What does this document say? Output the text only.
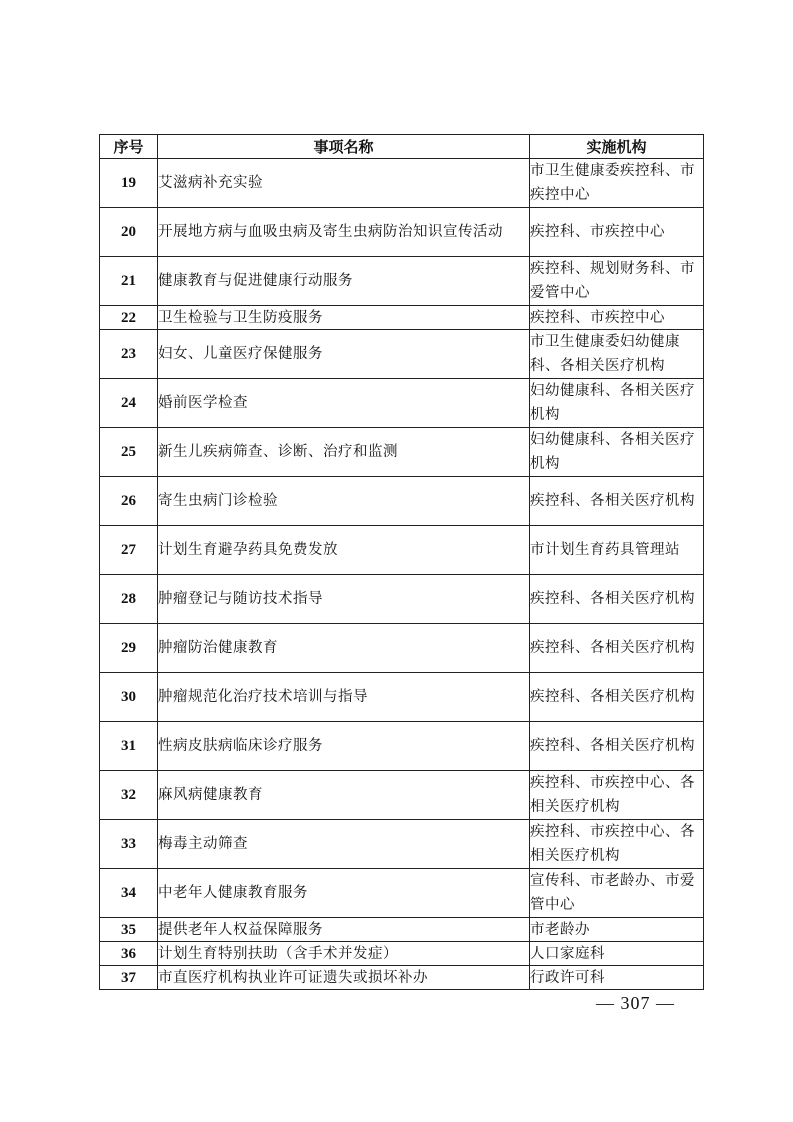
序号	事项名称	实施机构
19	艾滋病补充实验	市卫生健康委疾控科、市疾控中心
20	开展地方病与血吸虫病及寄生虫病防治知识宣传活动	疾控科、市疾控中心
21	健康教育与促进健康行动服务	疾控科、规划财务科、市爱管中心
22	卫生检验与卫生防疫服务	疾控科、市疾控中心
23	妇女、儿童医疗保健服务	市卫生健康委妇幼健康科、各相关医疗机构
24	婚前医学检查	妇幼健康科、各相关医疗机构
25	新生儿疾病筛查、诊断、治疗和监测	妇幼健康科、各相关医疗机构
26	寄生虫病门诊检验	疾控科、各相关医疗机构
27	计划生育避孕药具免费发放	市计划生育药具管理站
28	肿瘤登记与随访技术指导	疾控科、各相关医疗机构
29	肿瘤防治健康教育	疾控科、各相关医疗机构
30	肿瘤规范化治疗技术培训与指导	疾控科、各相关医疗机构
31	性病皮肤病临床诊疗服务	疾控科、各相关医疗机构
32	麻风病健康教育	疾控科、市疾控中心、各相关医疗机构
33	梅毒主动筛查	疾控科、市疾控中心、各相关医疗机构
34	中老年人健康教育服务	宣传科、市老龄办、市爱管中心
35	提供老年人权益保障服务	市老龄办
36	计划生育特别扶助（含手术并发症）	人口家庭科
37	市直医疗机构执业许可证遗失或损坏补办	行政许可科
— 307 —
